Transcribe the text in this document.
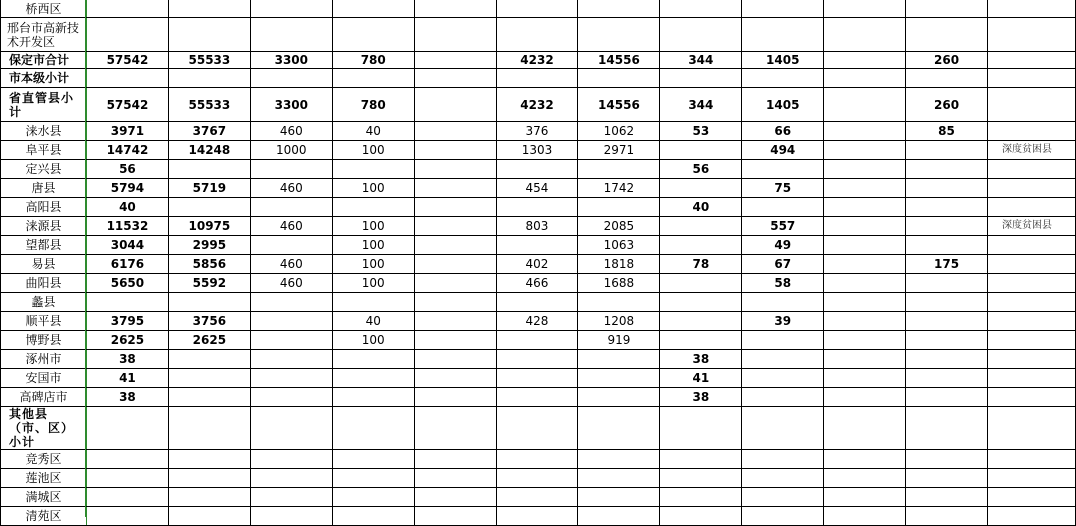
桥西区												
邢台市高新技术开发区												
保定市合计	57542	55533	3300	780		4232	14556	344	1405		260	
市本级小计												
省直管县小计	57542	55533	3300	780		4232	14556	344	1405		260	
涞水县	3971	3767	460	40		376	1062	53	66		85	
阜平县	14742	14248	1000	100		1303	2971		494			深度贫困县
定兴县	56							56				
唐县	5794	5719	460	100		454	1742		75			
高阳县	40							40				
涞源县	11532	10975	460	100		803	2085		557			深度贫困县
望都县	3044	2995		100			1063		49			
易县	6176	5856	460	100		402	1818	78	67		175	
曲阳县	5650	5592	460	100		466	1688		58			
蠡县												
顺平县	3795	3756		40		428	1208		39			
博野县	2625	2625		100			919					
涿州市	38							38				
安国市	41							41				
高碑店市	38							38				
其他县（市、区）小计												
竞秀区												
莲池区												
满城区												
清苑区												
